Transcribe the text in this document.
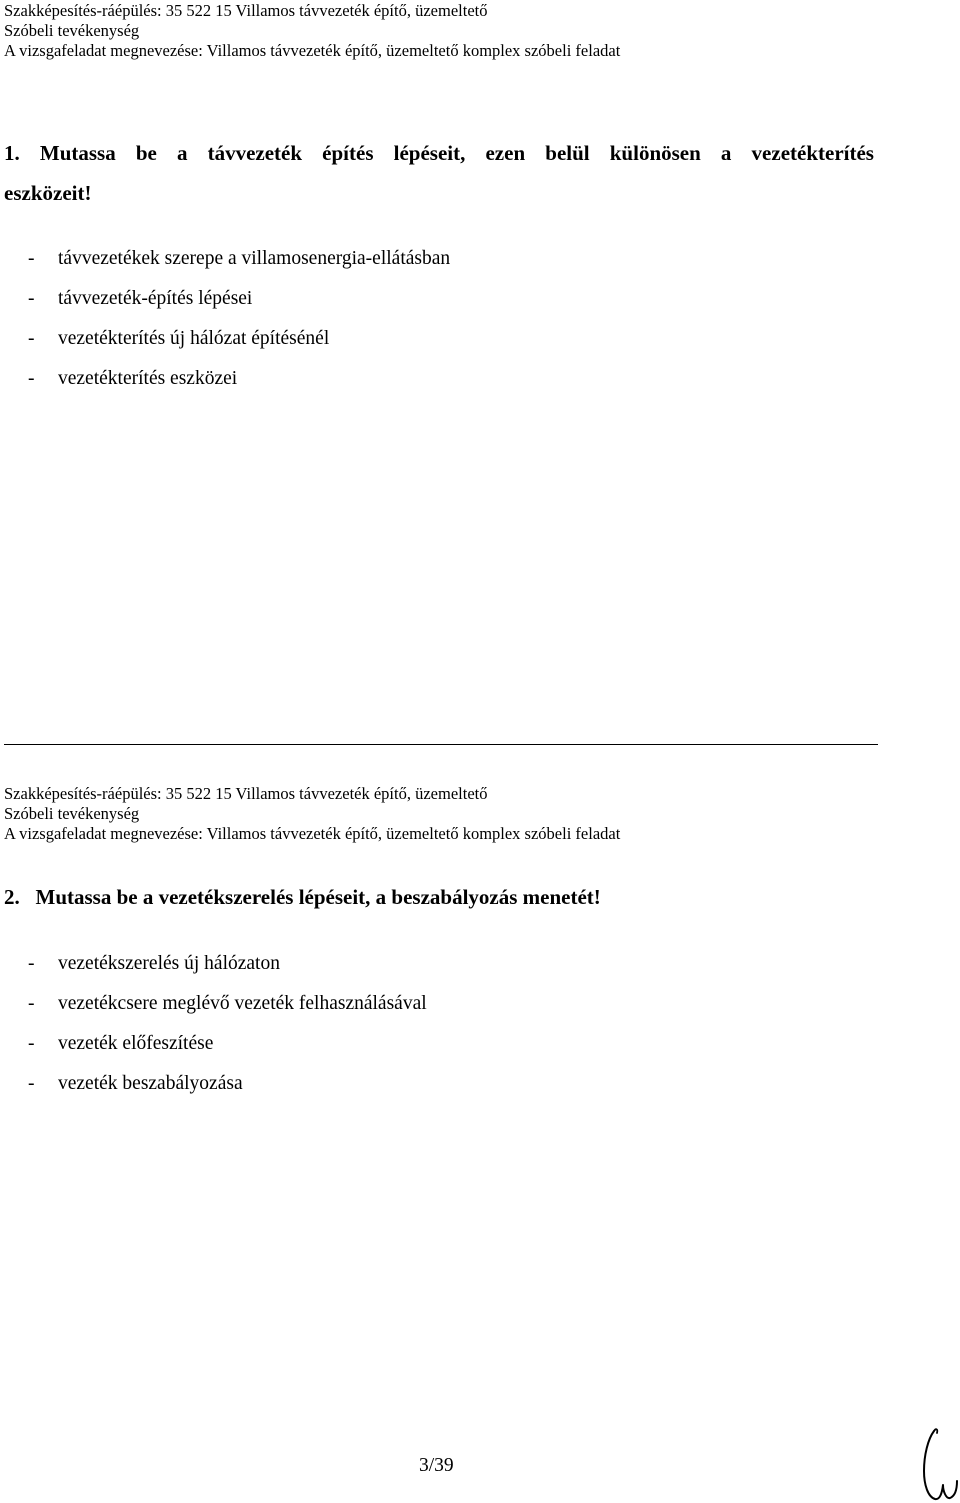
Szakképesítés-ráépülés: 35 522 15 Villamos távvezeték építő, üzemeltető
Szóbeli tevékenység
A vizsgafeladat megnevezése: Villamos távvezeték építő, üzemeltető komplex szóbeli feladat
1. Mutassa be a távvezeték építés lépéseit, ezen belül különösen a vezetékterítés
eszközeit!
- távvezetékek szerepe a villamosenergia-ellátásban
- távvezeték-építés lépései
- vezetékterítés új hálózat építésénél
- vezetékterítés eszközei
Szakképesítés-ráépülés: 35 522 15 Villamos távvezeték építő, üzemeltető
Szóbeli tevékenység
A vizsgafeladat megnevezése: Villamos távvezeték építő, üzemeltető komplex szóbeli feladat
2.   Mutassa be a vezetékszerelés lépéseit, a beszabályozás menetét!
- vezetékszerelés új hálózaton
- vezetékcsere meglévő vezeték felhasználásával
- vezeték előfeszítése
- vezeték beszabályozása
3/39
